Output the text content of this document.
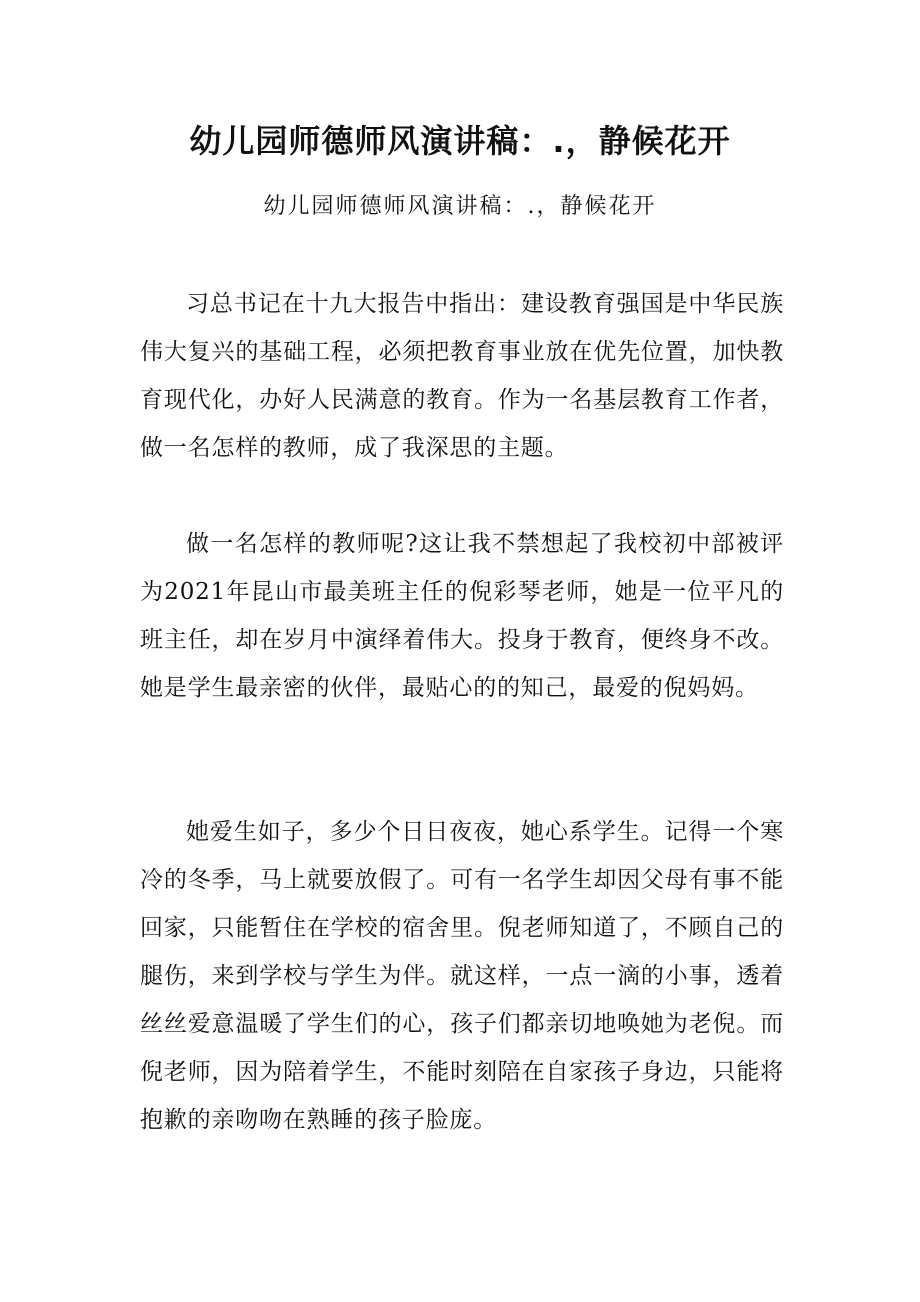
幼儿园师德师风演讲稿：.，静候花开

幼儿园师德师风演讲稿：.，静候花开

习总书记在十九大报告中指出：建设教育强国是中华民族伟大复兴的基础工程，必须把教育事业放在优先位置，加快教育现代化，办好人民满意的教育。作为一名基层教育工作者，做一名怎样的教师，成了我深思的主题。

做一名怎样的教师呢?这让我不禁想起了我校初中部被评为2021年昆山市最美班主任的倪彩琴老师，她是一位平凡的班主任，却在岁月中演绎着伟大。投身于教育，便终身不改。她是学生最亲密的伙伴，最贴心的的知己，最爱的倪妈妈。

她爱生如子，多少个日日夜夜，她心系学生。记得一个寒冷的冬季，马上就要放假了。可有一名学生却因父母有事不能回家，只能暂住在学校的宿舍里。倪老师知道了，不顾自己的腿伤，来到学校与学生为伴。就这样，一点一滴的小事，透着丝丝爱意温暖了学生们的心，孩子们都亲切地唤她为老倪。而倪老师，因为陪着学生，不能时刻陪在自家孩子身边，只能将抱歉的亲吻吻在熟睡的孩子脸庞。
